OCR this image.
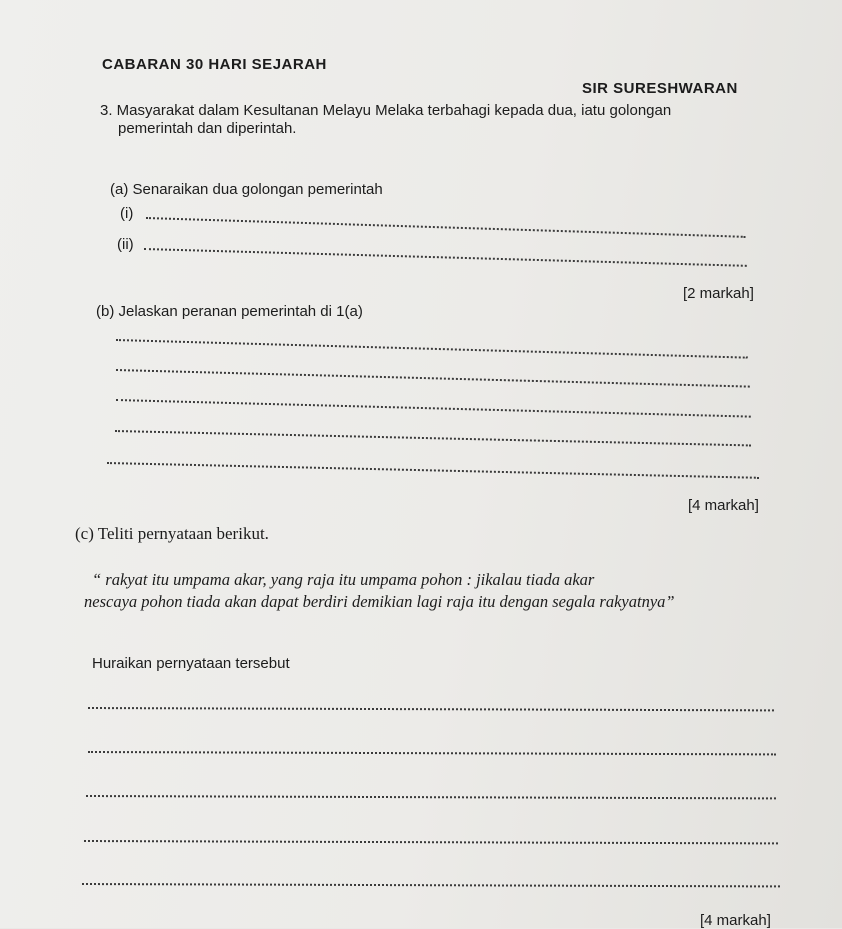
CABARAN 30 HARI SEJARAH

SIR SURESHWARAN

3. Masyarakat dalam Kesultanan Melayu Melaka terbahagi kepada dua, iatu golongan

pemerintah dan diperintah.

(a) Senaraikan dua golongan pemerintah

(i)

(ii)

[2 markah]

(b) Jelaskan peranan pemerintah di 1(a)

[4 markah]

(c) Teliti pernyataan berikut.

“ rakyat itu umpama akar, yang raja itu umpama pohon : jikalau tiada akar

nescaya pohon tiada akan dapat berdiri demikian lagi raja itu dengan segala rakyatnya”

Huraikan pernyataan tersebut

[4 markah]
